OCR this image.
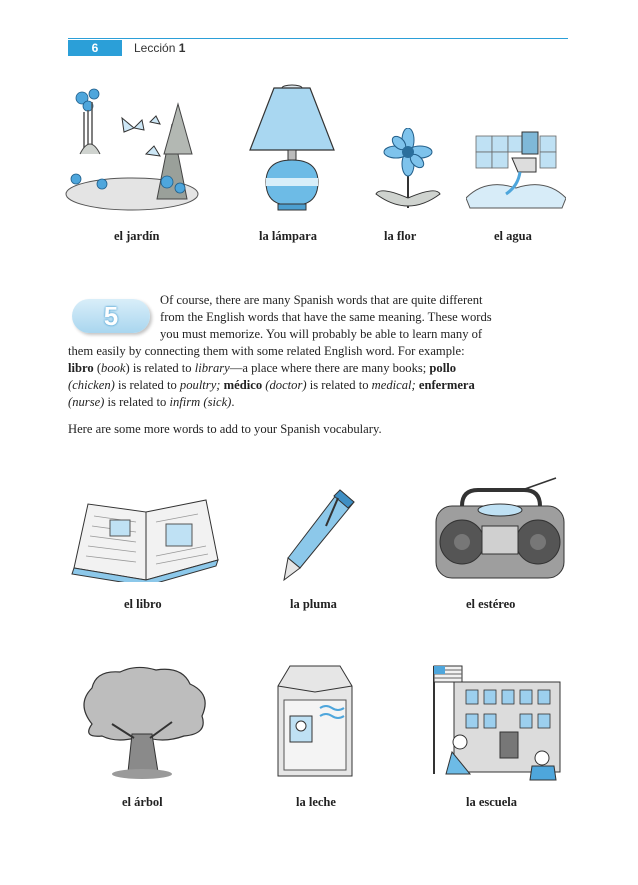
6	Lección 1
el jardín	la lámpara	la flor	el agua
5
Of course, there are many Spanish words that are quite different
from the English words that have the same meaning. These words
you must memorize. You will probably be able to learn many of
them easily by connecting them with some related English word. For example:
libro (book) is related to library—a place where there are many books; pollo
(chicken) is related to poultry; médico (doctor) is related to medical; enfermera
(nurse) is related to infirm (sick).
Here are some more words to add to your Spanish vocabulary.
el libro	la pluma	el estéreo
el árbol	la leche	la escuela
